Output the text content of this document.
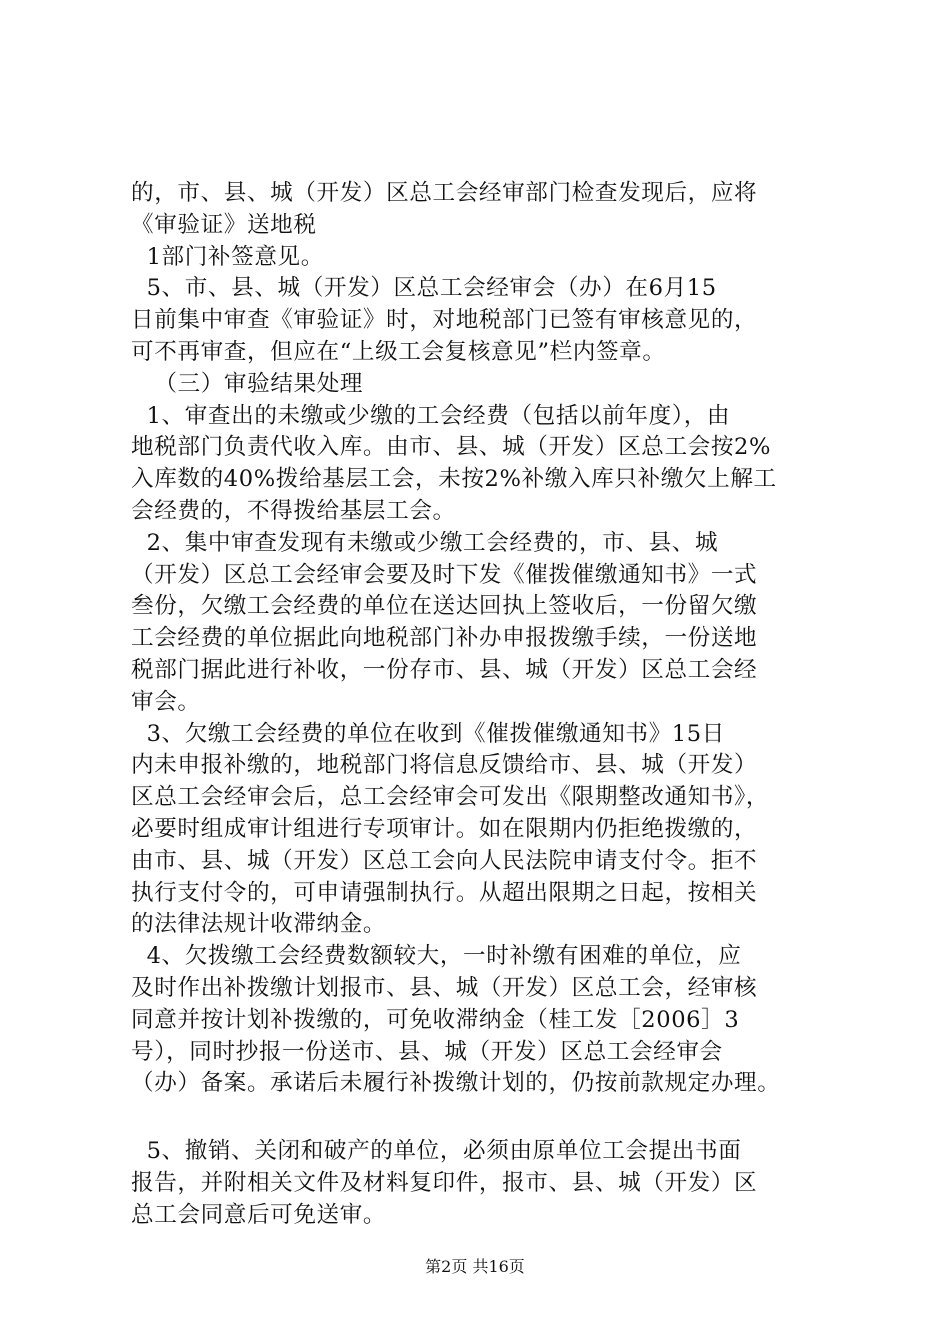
的，市、县、城（开发）区总工会经审部门检查发现后，应将
《审验证》送地税
1部门补签意见。
5、市、县、城（开发）区总工会经审会（办）在6月15
日前集中审查《审验证》时，对地税部门已签有审核意见的，
可不再审查，但应在“上级工会复核意见”栏内签章。
（三）审验结果处理
1、审查出的未缴或少缴的工会经费（包括以前年度），由
地税部门负责代收入库。由市、县、城（开发）区总工会按2%
入库数的40%拨给基层工会，未按2%补缴入库只补缴欠上解工
会经费的，不得拨给基层工会。
2、集中审查发现有未缴或少缴工会经费的，市、县、城
（开发）区总工会经审会要及时下发《催拨催缴通知书》一式
叁份，欠缴工会经费的单位在送达回执上签收后，一份留欠缴
工会经费的单位据此向地税部门补办申报拨缴手续，一份送地
税部门据此进行补收，一份存市、县、城（开发）区总工会经
审会。
3、欠缴工会经费的单位在收到《催拨催缴通知书》15日
内未申报补缴的，地税部门将信息反馈给市、县、城（开发）
区总工会经审会后，总工会经审会可发出《限期整改通知书》，
必要时组成审计组进行专项审计。如在限期内仍拒绝拨缴的，
由市、县、城（开发）区总工会向人民法院申请支付令。拒不
执行支付令的，可申请强制执行。从超出限期之日起，按相关
的法律法规计收滞纳金。
4、欠拨缴工会经费数额较大，一时补缴有困难的单位，应
及时作出补拨缴计划报市、县、城（开发）区总工会，经审核
同意并按计划补拨缴的，可免收滞纳金（桂工发［2006］3
号），同时抄报一份送市、县、城（开发）区总工会经审会
（办）备案。承诺后未履行补拨缴计划的，仍按前款规定办理。
5、撤销、关闭和破产的单位，必须由原单位工会提出书面
报告，并附相关文件及材料复印件，报市、县、城（开发）区
总工会同意后可免送审。
第2页 共16页
